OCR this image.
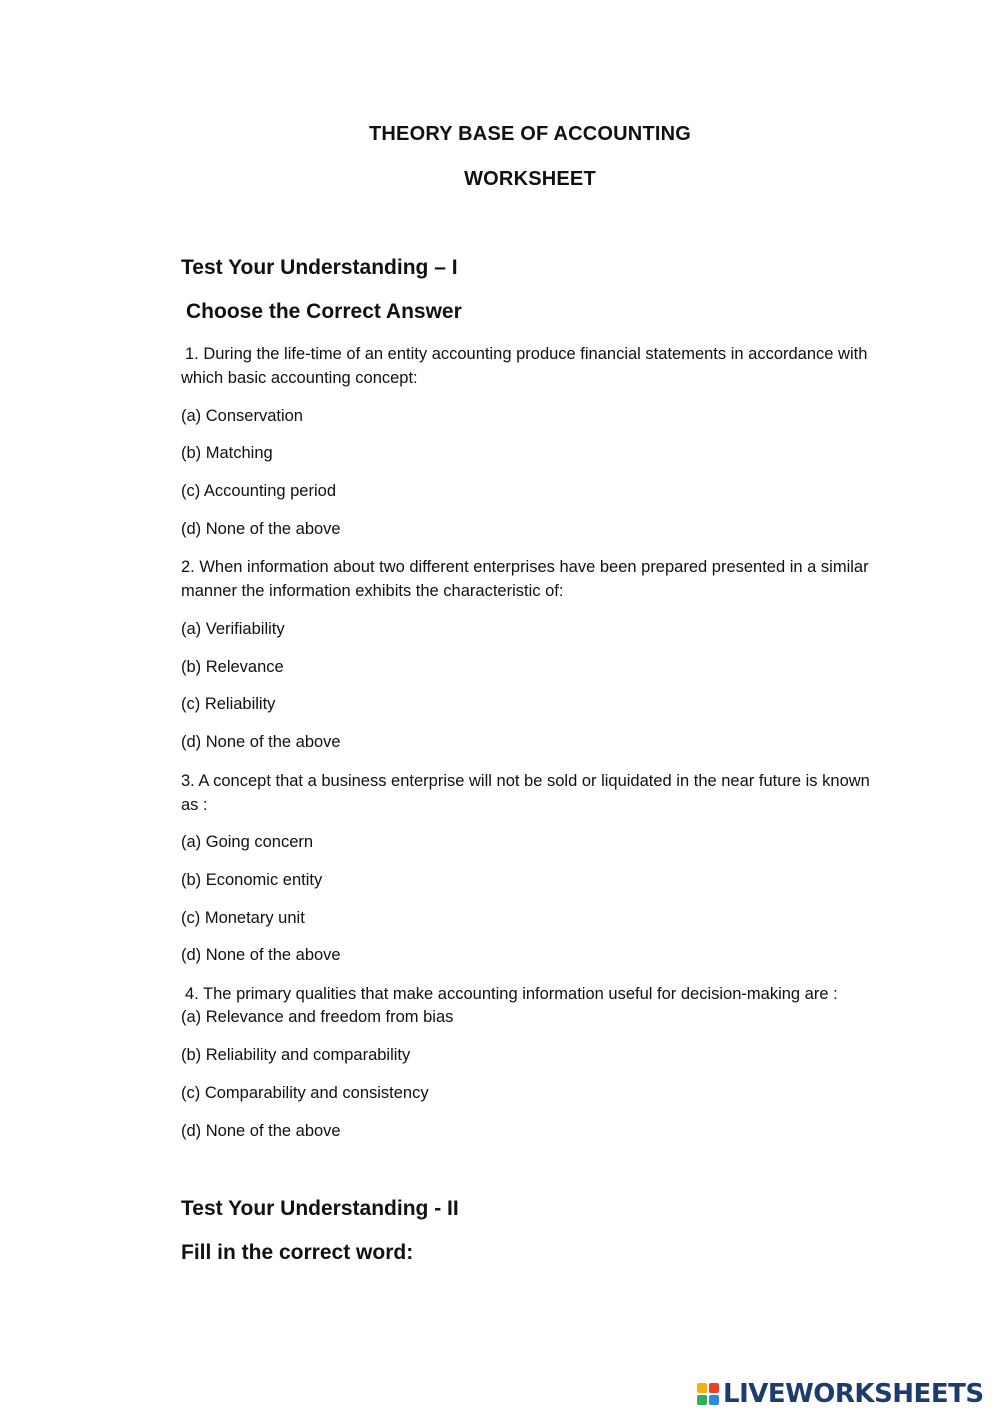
THEORY BASE OF ACCOUNTING
WORKSHEET
Test Your Understanding – I
Choose the Correct Answer
1. During the life-time of an entity accounting produce financial statements in accordance with which basic accounting concept:
(a) Conservation
(b) Matching
(c) Accounting period
(d) None of the above
2. When information about two different enterprises have been prepared presented in a similar manner the information exhibits the characteristic of:
(a) Verifiability
(b) Relevance
(c) Reliability
(d) None of the above
3. A concept that a business enterprise will not be sold or liquidated in the near future is known as :
(a) Going concern
(b) Economic entity
(c) Monetary unit
(d) None of the above
4. The primary qualities that make accounting information useful for decision-making are :
(a) Relevance and freedom from bias
(b) Reliability and comparability
(c) Comparability and consistency
(d) None of the above
Test Your Understanding - II
Fill in the correct word:
LIVEWORKSHEETS
